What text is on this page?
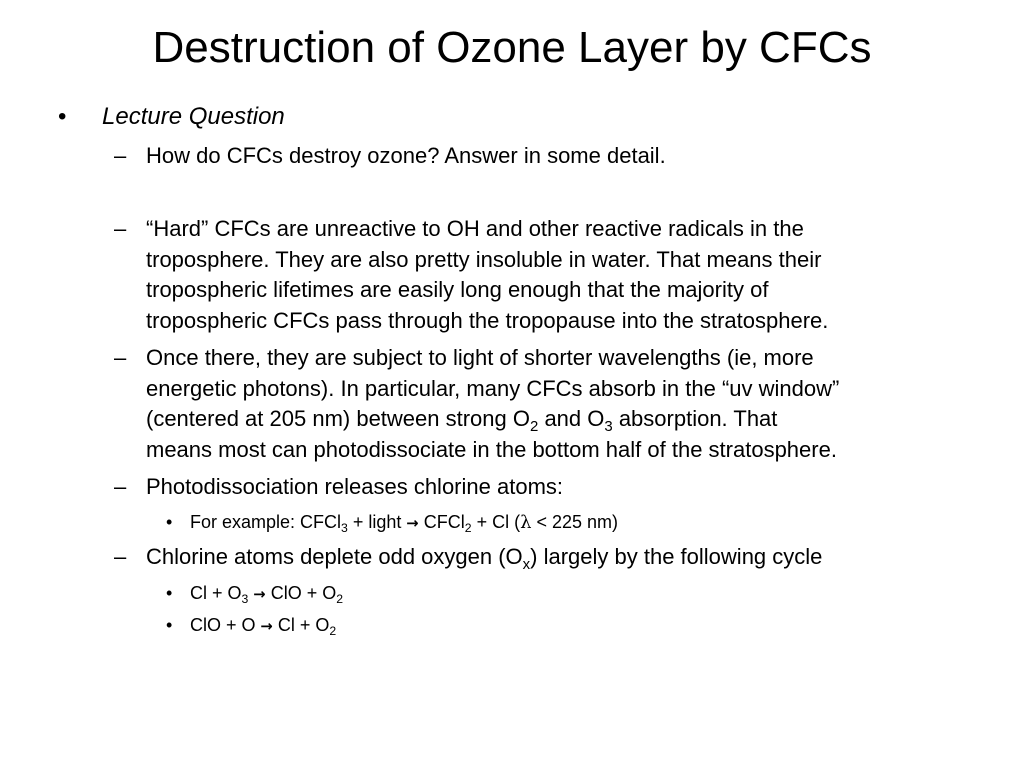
Destruction of Ozone Layer by CFCs
• Lecture Question
– How do CFCs destroy ozone? Answer in some detail.
– “Hard” CFCs are unreactive to OH and other reactive radicals in the
troposphere. They are also pretty insoluble in water. That means their
tropospheric lifetimes are easily long enough that the majority of
tropospheric CFCs pass through the tropopause into the stratosphere.
– Once there, they are subject to light of shorter wavelengths (ie, more
energetic photons). In particular, many CFCs absorb in the “uv window”
(centered at 205 nm) between strong $O_2$ and $O_3$ absorption. That
means most can photodissociate in the bottom half of the stratosphere.
– Photodissociation releases chlorine atoms:
• For example: CFCl$_3$ + light → CFCl$_2$ + Cl (λ < 225 nm)
– Chlorine atoms deplete odd oxygen $(O_x)$ largely by the following cycle
• $Cl + O_3$ → ClO + $O_2$
• ClO + $O \to Cl + O_2$
